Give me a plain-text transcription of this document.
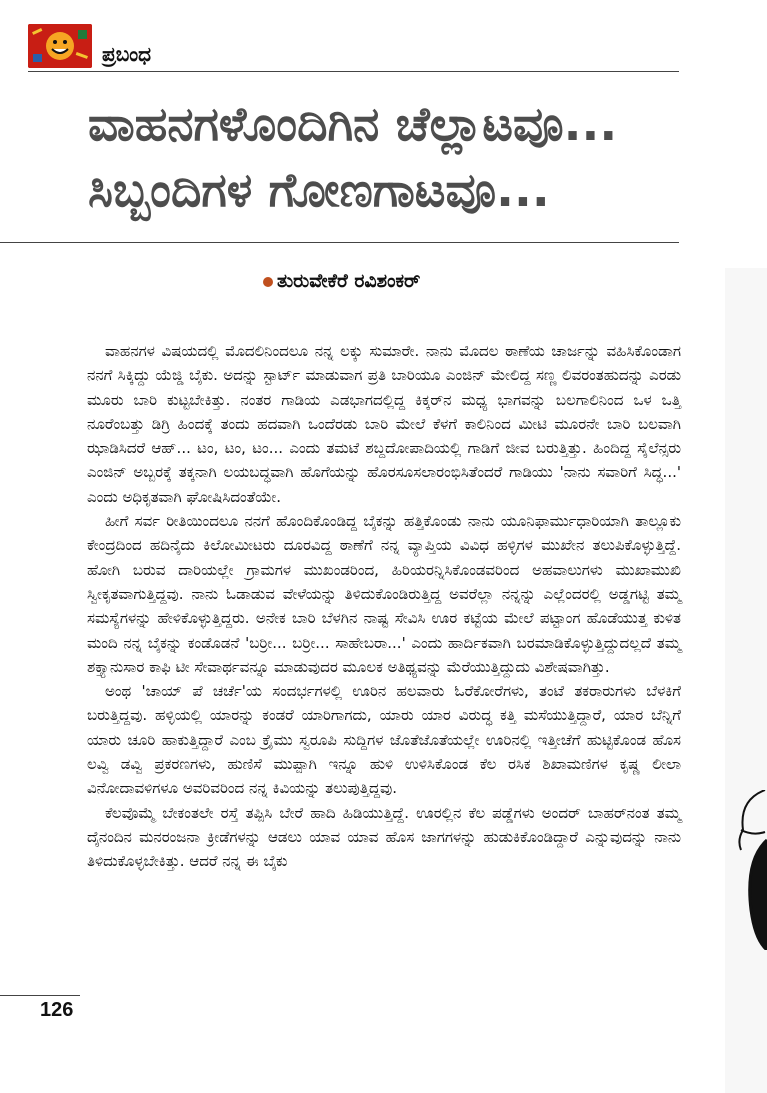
ಪ್ರಬಂಧ
ವಾಹನಗಳೊಂದಿಗಿನ ಚೆಲ್ಲಾಟವೂ...
ಸಿಬ್ಬಂದಿಗಳ ಗೋಣಗಾಟವೂ...
ತುರುವೇಕೆರೆ ರವಿಶಂಕರ್

ವಾಹನಗಳ ವಿಷಯದಲ್ಲಿ ಮೊದಲಿನಿಂದಲೂ ನನ್ನ ಲಕ್ಕು ಸುಮಾರೇ. ನಾನು ಮೊದಲ ಠಾಣೆಯ ಚಾರ್ಜನ್ನು ವಹಿಸಿಕೊಂಡಾಗ ನನಗೆ ಸಿಕ್ಕಿದ್ದು ಯೆಜ್ಡಿ ಬೈಕು. ಅದನ್ನು ಸ್ಟಾರ್ಟ್ ಮಾಡುವಾಗ ಪ್ರತಿ ಬಾರಿಯೂ ಎಂಜಿನ್ ಮೇಲಿದ್ದ ಸಣ್ಣ ಲಿವರಂತಹುದನ್ನು ಎರಡು ಮೂರು ಬಾರಿ ಕುಟ್ಟಬೇಕಿತ್ತು. ನಂತರ ಗಾಡಿಯ ಎಡಭಾಗದಲ್ಲಿದ್ದ ಕಿಕ್ಕರ್‌ನ ಮಧ್ಯ ಭಾಗವನ್ನು ಬಲಗಾಲಿನಿಂದ ಒಳ ಒತ್ತಿ ನೂರೆಂಬತ್ತು ಡಿಗ್ರಿ ಹಿಂದಕ್ಕೆ ತಂದು ಹದವಾಗಿ ಒಂದೆರಡು ಬಾರಿ ಮೇಲೆ ಕೆಳಗೆ ಕಾಲಿನಿಂದ ಮೀಟಿ ಮೂರನೇ ಬಾರಿ ಬಲವಾಗಿ ಝಾಡಿಸಿದರೆ ಆಹ್... ಟಂ, ಟಂ, ಟಂ... ಎಂದು ತಮಟೆ ಶಬ್ದದೋಪಾದಿಯಲ್ಲಿ ಗಾಡಿಗೆ ಜೀವ ಬರುತ್ತಿತ್ತು. ಹಿಂದಿದ್ದ ಸೈಲೆನ್ಸರು ಎಂಜಿನ್ ಅಬ್ಬರಕ್ಕೆ ತಕ್ಕನಾಗಿ ಲಯಬದ್ಧವಾಗಿ ಹೊಗೆಯನ್ನು ಹೊರಸೂಸಲಾರಂಭಿಸಿತೆಂದರೆ ಗಾಡಿಯು 'ನಾನು ಸವಾರಿಗೆ ಸಿದ್ಧ...' ಎಂದು ಅಧಿಕೃತವಾಗಿ ಘೋಷಿಸಿದಂತೆಯೇ.

ಹೀಗೆ ಸರ್ವ ರೀತಿಯಿಂದಲೂ ನನಗೆ ಹೊಂದಿಕೊಂಡಿದ್ದ ಬೈಕನ್ನು ಹತ್ತಿಕೊಂಡು ನಾನು ಯೂನಿಫಾರ್ಮುಧಾರಿಯಾಗಿ ತಾಲ್ಲೂಕು ಕೇಂದ್ರದಿಂದ ಹದಿನೈದು ಕಿಲೋಮೀಟರು ದೂರವಿದ್ದ ಠಾಣೆಗೆ ನನ್ನ ವ್ಯಾಪ್ತಿಯ ವಿವಿಧ ಹಳ್ಳಿಗಳ ಮುಖೇನ ತಲುಪಿಕೊಳ್ಳುತ್ತಿದ್ದೆ. ಹೋಗಿ ಬರುವ ದಾರಿಯಲ್ಲೇ ಗ್ರಾಮಗಳ ಮುಖಂಡರಿಂದ, ಹಿರಿಯರನ್ನಿಸಿಕೊಂಡವರಿಂದ ಅಹವಾಲುಗಳು ಮುಖಾಮುಖಿ ಸ್ವೀಕೃತವಾಗುತ್ತಿದ್ದವು. ನಾನು ಓಡಾಡುವ ವೇಳೆಯನ್ನು ತಿಳಿದುಕೊಂಡಿರುತ್ತಿದ್ದ ಅವರೆಲ್ಲಾ ನನ್ನನ್ನು ಎಲ್ಲೆಂದರಲ್ಲಿ ಅಡ್ಡಗಟ್ಟಿ ತಮ್ಮ ಸಮಸ್ಯೆಗಳನ್ನು ಹೇಳಿಕೊಳ್ಳುತ್ತಿದ್ದರು. ಅನೇಕ ಬಾರಿ ಬೆಳಗಿನ ನಾಷ್ಟ ಸೇವಿಸಿ ಊರ ಕಟ್ಟೆಯ ಮೇಲೆ ಪಟ್ಟಾಂಗ ಹೊಡೆಯುತ್ತ ಕುಳಿತ ಮಂದಿ ನನ್ನ ಬೈಕನ್ನು ಕಂಡೊಡನೆ 'ಬರ್‍ರೀ... ಬರ್‍ರೀ... ಸಾಹೇಬರಾ...' ಎಂದು ಹಾರ್ದಿಕವಾಗಿ ಬರಮಾಡಿಕೊಳ್ಳುತ್ತಿದ್ದುದಲ್ಲದೆ ತಮ್ಮ ಶಕ್ತ್ಯಾನುಸಾರ ಕಾಫಿ ಟೀ ಸೇವಾರ್ಥವನ್ನೂ ಮಾಡುವುದರ ಮೂಲಕ ಅತಿಥ್ಯವನ್ನು ಮೆರೆಯುತ್ತಿದ್ದುದು ವಿಶೇಷವಾಗಿತ್ತು.

ಅಂಥ 'ಚಾಯ್ ಪೆ ಚರ್ಚೆ'ಯ ಸಂದರ್ಭಗಳಲ್ಲಿ ಊರಿನ ಹಲವಾರು ಓರೆಕೋರೆಗಳು, ತಂಟೆ ತಕರಾರುಗಳು ಬೆಳಕಿಗೆ ಬರುತ್ತಿದ್ದವು. ಹಳ್ಳಿಯಲ್ಲಿ ಯಾರನ್ನು ಕಂಡರೆ ಯಾರಿಗಾಗದು, ಯಾರು ಯಾರ ವಿರುದ್ಧ ಕತ್ತಿ ಮಸೆಯುತ್ತಿದ್ದಾರೆ, ಯಾರ ಬೆನ್ನಿಗೆ ಯಾರು ಚೂರಿ ಹಾಕುತ್ತಿದ್ದಾರೆ ಎಂಬ ಕ್ರೈಮು ಸ್ವರೂಪಿ ಸುದ್ದಿಗಳ ಜೊತೆಜೊತೆಯಲ್ಲೇ ಊರಿನಲ್ಲಿ ಇತ್ತೀಚೆಗೆ ಹುಟ್ಟಿಕೊಂಡ ಹೊಸ ಲವ್ವಿ ಡವ್ವಿ ಪ್ರಕರಣಗಳು, ಹುಣಿಸೆ ಮುಪ್ಪಾಗಿ ಇನ್ನೂ ಹುಳಿ ಉಳಿಸಿಕೊಂಡ ಕೆಲ ರಸಿಕ ಶಿಖಾಮಣಿಗಳ ಕೃಷ್ಣ ಲೀಲಾ ವಿನೋದಾವಳಿಗಳೂ ಅವರಿವರಿಂದ ನನ್ನ ಕಿವಿಯನ್ನು ತಲುಪುತ್ತಿದ್ದವು.

ಕೆಲವೊಮ್ಮೆ ಬೇಕಂತಲೇ ರಸ್ತೆ ತಪ್ಪಿಸಿ ಬೇರೆ ಹಾದಿ ಹಿಡಿಯುತ್ತಿದ್ದೆ. ಊರಲ್ಲಿನ ಕೆಲ ಪಡ್ಡೆಗಳು ಅಂದರ್ ಬಾಹರ್‌ನಂತ ತಮ್ಮ ದೈನಂದಿನ ಮನರಂಜನಾ ಕ್ರೀಡೆಗಳನ್ನು ಆಡಲು ಯಾವ ಯಾವ ಹೊಸ ಜಾಗಗಳನ್ನು ಹುಡುಕಿಕೊಂಡಿದ್ದಾರೆ ಎನ್ನುವುದನ್ನು ನಾನು ತಿಳಿದುಕೊಳ್ಳಬೇಕಿತ್ತು. ಆದರೆ ನನ್ನ ಈ ಬೈಕು

126
